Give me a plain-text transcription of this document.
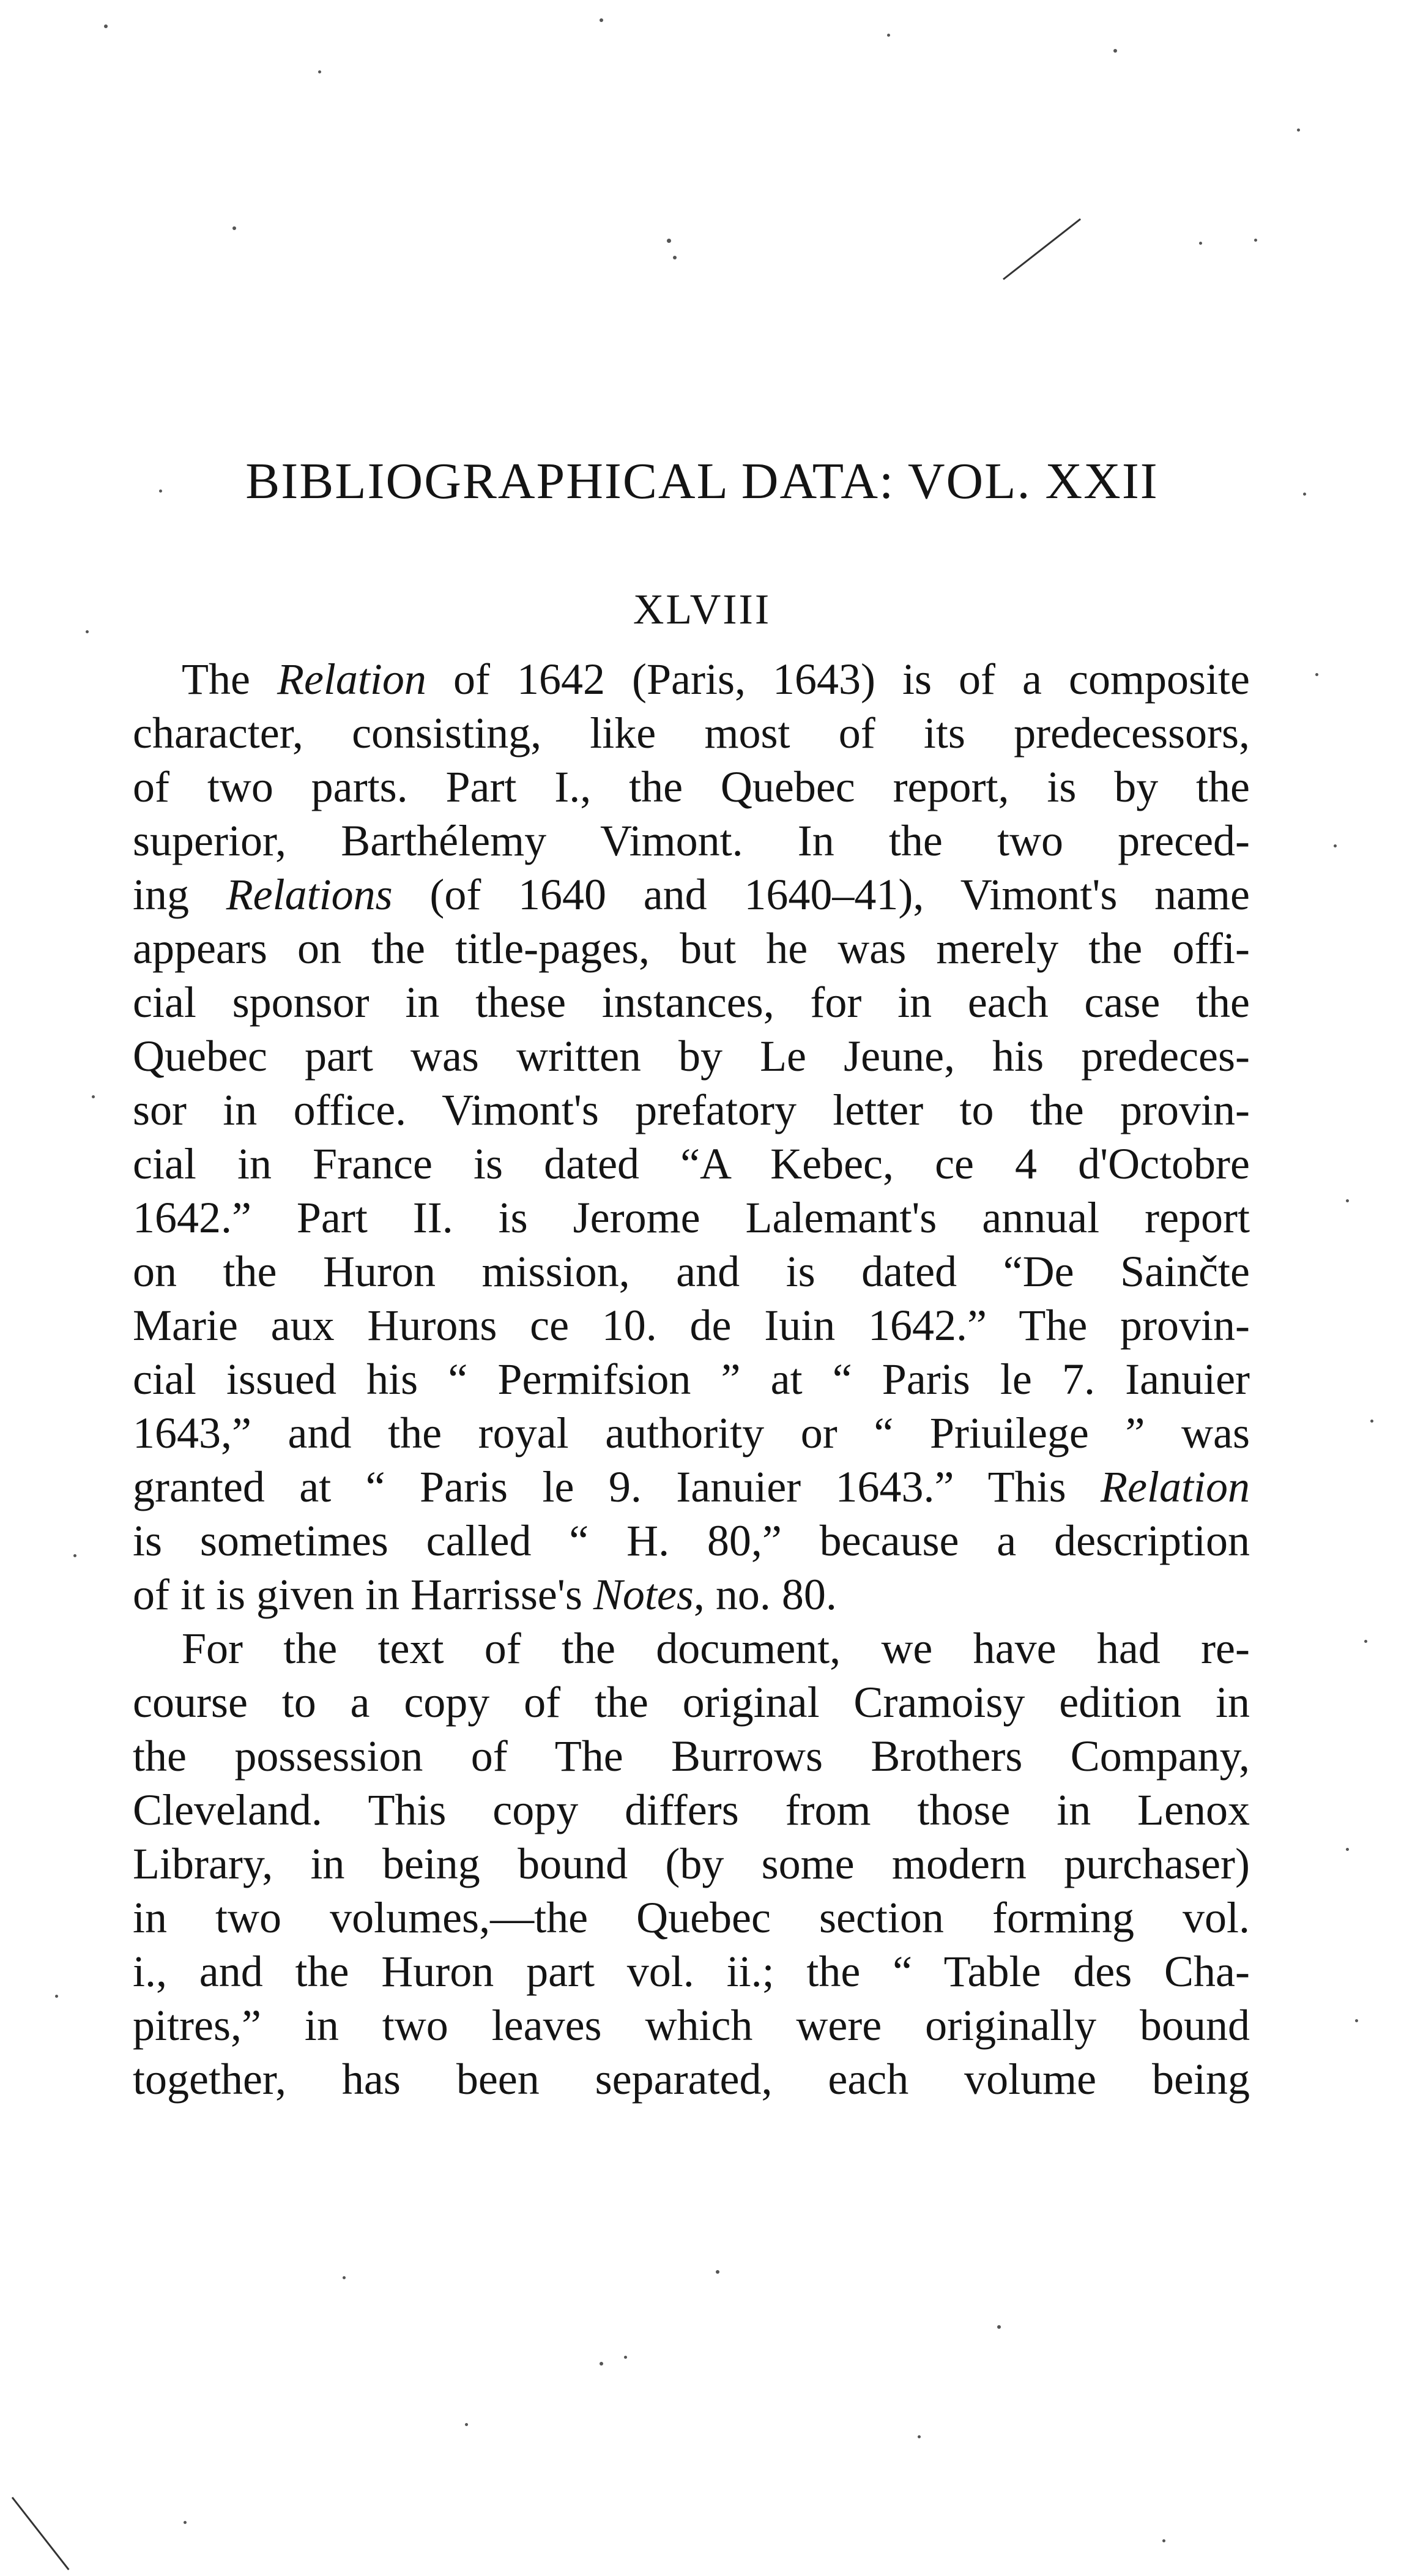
BIBLIOGRAPHICAL DATA: VOL. XXII
XLVIII
The Relation of 1642 (Paris, 1643) is of a composite
character, consisting, like most of its predecessors,
of two parts. Part I., the Quebec report, is by the
superior, Barthélemy Vimont. In the two preced-
ing Relations (of 1640 and 1640–41), Vimont's name
appears on the title-pages, but he was merely the offi-
cial sponsor in these instances, for in each case the
Quebec part was written by Le Jeune, his predeces-
sor in office. Vimont's prefatory letter to the provin-
cial in France is dated “A Kebec, ce 4 d'Octobre
1642.” Part II. is Jerome Lalemant's annual report
on the Huron mission, and is dated “De Sainčte
Marie aux Hurons ce 10. de Iuin 1642.” The provin-
cial issued his “ Permifsion ” at “ Paris le 7. Ianuier
1643,” and the royal authority or “ Priuilege ” was
granted at “ Paris le 9. Ianuier 1643.” This Relation
is sometimes called “ H. 80,” because a description
of it is given in Harrisse's Notes, no. 80.
For the text of the document, we have had re-
course to a copy of the original Cramoisy edition in
the possession of The Burrows Brothers Company,
Cleveland. This copy differs from those in Lenox
Library, in being bound (by some modern purchaser)
in two volumes,—the Quebec section forming vol.
i., and the Huron part vol. ii.; the “ Table des Cha-
pitres,” in two leaves which were originally bound
together, has been separated, each volume being
